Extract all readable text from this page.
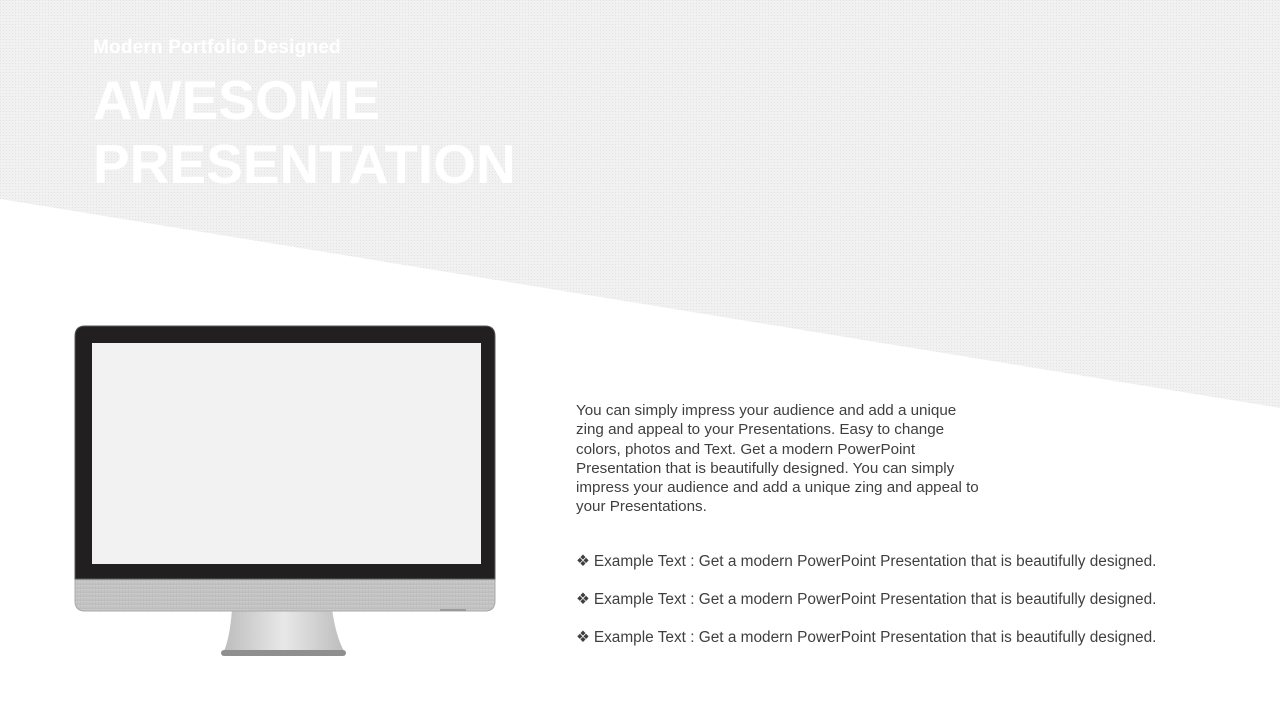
Modern Portfolio Designed
AWESOME
PRESENTATION

You can simply impress your audience and add a unique zing and appeal to your Presentations. Easy to change colors, photos and Text. Get a modern PowerPoint Presentation that is beautifully designed. You can simply impress your audience and add a unique zing and appeal to your Presentations.

❖ Example Text : Get a modern PowerPoint Presentation that is beautifully designed.
❖ Example Text : Get a modern PowerPoint Presentation that is beautifully designed.
❖ Example Text : Get a modern PowerPoint Presentation that is beautifully designed.
